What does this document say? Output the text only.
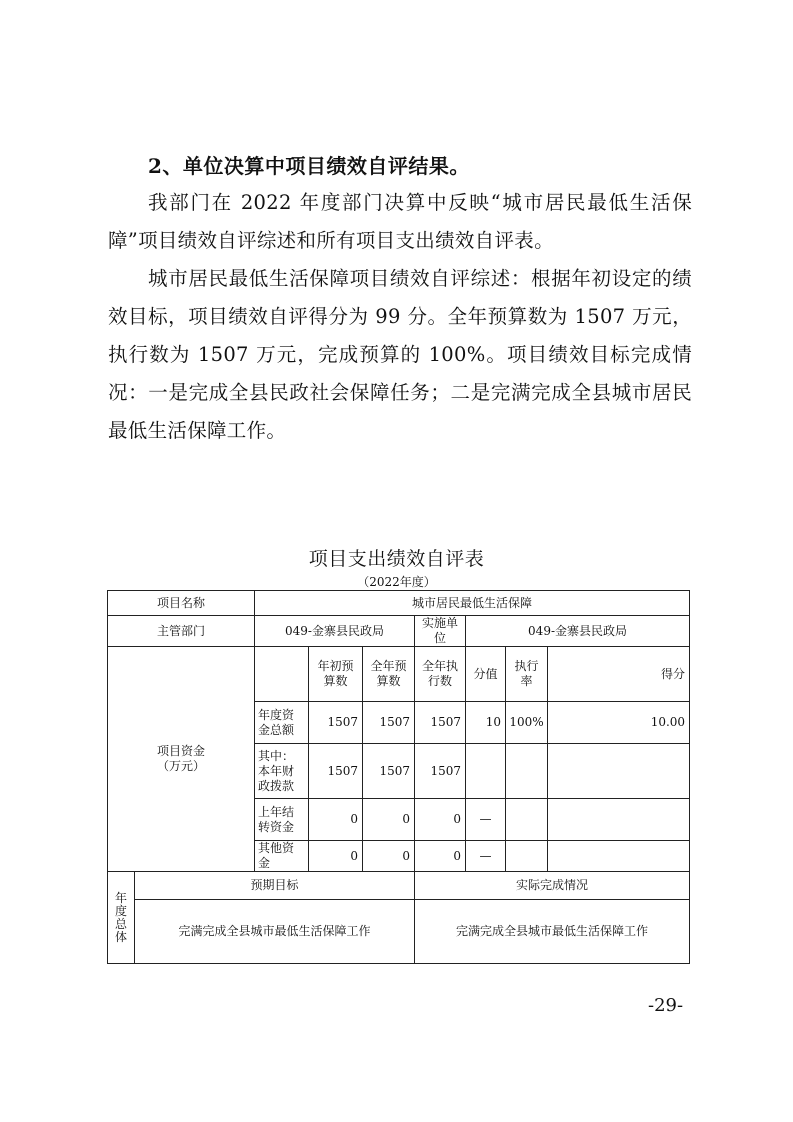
2、单位决算中项目绩效自评结果。

我部门在 2022 年度部门决算中反映“城市居民最低生活保障”项目绩效自评综述和所有项目支出绩效自评表。

城市居民最低生活保障项目绩效自评综述：根据年初设定的绩效目标，项目绩效自评得分为 99 分。全年预算数为 1507 万元，执行数为 1507 万元，完成预算的 100%。项目绩效目标完成情况：一是完成全县民政社会保障任务；二是完满完成全县城市居民最低生活保障工作。

项目支出绩效自评表
（2022年度）
项目名称		城市居民最低生活保障						
主管部门		049-金寨县民政局			实施单位	049-金寨县民政局		

项目资金
（万元）			年初预算数	全年预算数	全年执行数	分值	执行率	得分
		年度资金总额	1507	1507	1507	10	100%	10.00
		其中：本年财政拨款	1507	1507	1507			
		上年结转资金	0	0	0	—		
		其他资金	0	0	0	—		

年
度
总
体	预期目标				实际完成情况			
	完满完成全县城市最低生活保障工作				完满完成全县城市最低生活保障工作			
-29-
